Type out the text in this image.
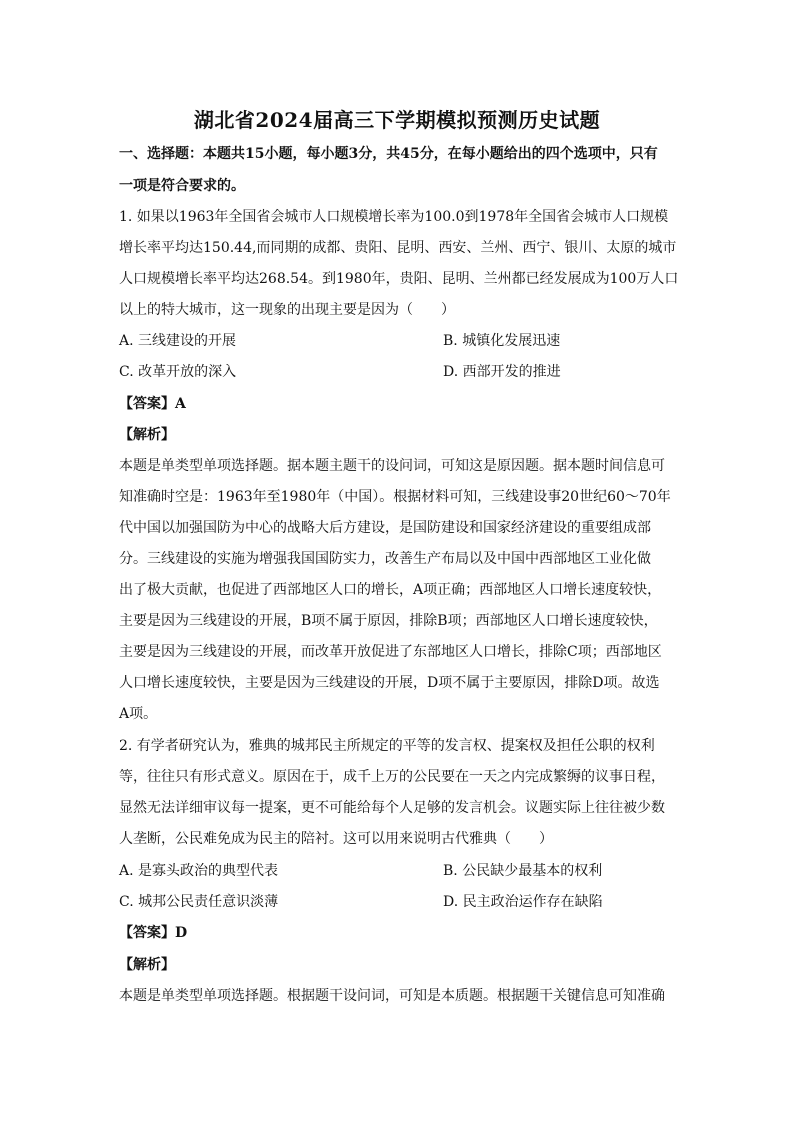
湖北省2024届高三下学期模拟预测历史试题
一、选择题：本题共15小题，每小题3分，共45分，在每小题给出的四个选项中，只有
一项是符合要求的。
1. 如果以1963年全国省会城市人口规模增长率为100.0到1978年全国省会城市人口规模
增长率平均达150.44,而同期的成都、贵阳、昆明、西安、兰州、西宁、银川、太原的城市
人口规模增长率平均达268.54。到1980年，贵阳、昆明、兰州都已经发展成为100万人口
以上的特大城市，这一现象的出现主要是因为（　　）
A. 三线建设的开展	B. 城镇化发展迅速
C. 改革开放的深入	D. 西部开发的推进
【答案】A
【解析】
本题是单类型单项选择题。据本题主题干的设问词，可知这是原因题。据本题时间信息可
知准确时空是：1963年至1980年（中国）。根据材料可知，三线建设事20世纪60～70年
代中国以加强国防为中心的战略大后方建设，是国防建设和国家经济建设的重要组成部
分。三线建设的实施为增强我国国防实力，改善生产布局以及中国中西部地区工业化做
出了极大贡献，也促进了西部地区人口的增长，A项正确；西部地区人口增长速度较快，
主要是因为三线建设的开展，B项不属于原因，排除B项；西部地区人口增长速度较快，
主要是因为三线建设的开展，而改革开放促进了东部地区人口增长，排除C项；西部地区
人口增长速度较快，主要是因为三线建设的开展，D项不属于主要原因，排除D项。故选
A项。
2. 有学者研究认为，雅典的城邦民主所规定的平等的发言权、提案权及担任公职的权利
等，往往只有形式意义。原因在于，成千上万的公民要在一天之内完成繁缛的议事日程，
显然无法详细审议每一提案，更不可能给每个人足够的发言机会。议题实际上往往被少数
人垄断，公民难免成为民主的陪衬。这可以用来说明古代雅典（　　）
A. 是寡头政治的典型代表	B. 公民缺少最基本的权利
C. 城邦公民责任意识淡薄	D. 民主政治运作存在缺陷
【答案】D
【解析】
本题是单类型单项选择题。根据题干设问词，可知是本质题。根据题干关键信息可知准确
